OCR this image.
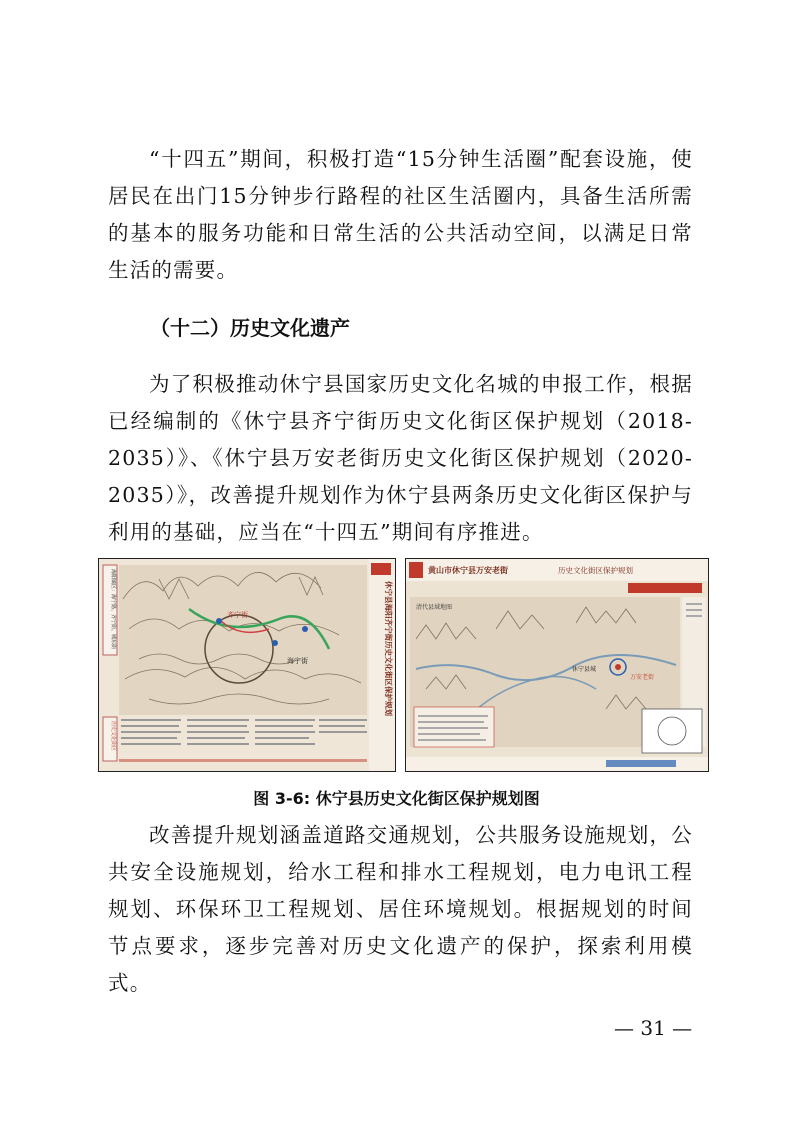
“十四五”期间，积极打造“15分钟生活圈”配套设施，使居民在出门15分钟步行路程的社区生活圈内，具备生活所需的基本的服务功能和日常生活的公共活动空间，以满足日常生活的需要。

（十二）历史文化遗产

为了积极推动休宁县国家历史文化名城的申报工作，根据已经编制的《休宁县齐宁街历史文化街区保护规划（2018-2035）》、《休宁县万安老街历史文化街区保护规划（2020-2035）》，改善提升规划作为休宁县两条历史文化街区保护与利用的基础，应当在“十四五”期间有序推进。

齐宁街
海宁街
海阳镇区：海宁路、齐宁街、城东街
历史文化街区
休宁县海阳齐宁街历史文化街区保护规划
黄山市休宁县万安老街	历史文化街区保护规划
清代县域地图
休宁县城
万安老街

图 3-6: 休宁县历史文化街区保护规划图

改善提升规划涵盖道路交通规划，公共服务设施规划，公共安全设施规划，给水工程和排水工程规划，电力电讯工程规划、环保环卫工程规划、居住环境规划。根据规划的时间节点要求，逐步完善对历史文化遗产的保护，探索利用模式。

— 31 —
